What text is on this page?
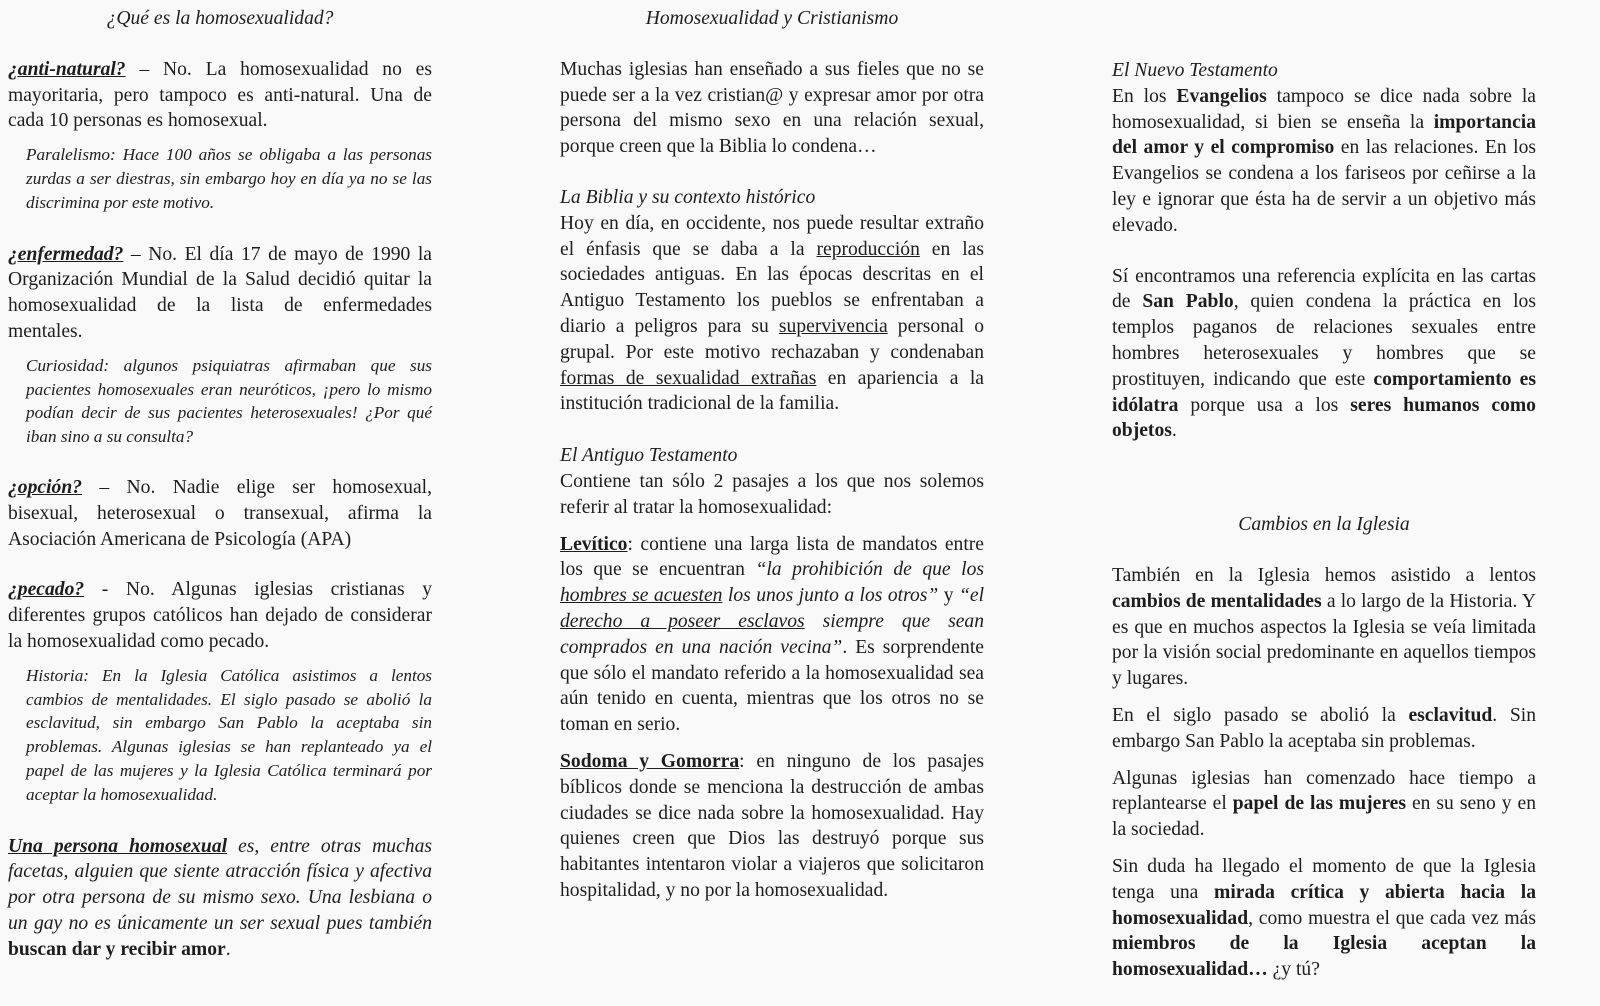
¿Qué es la homosexualidad?

¿anti-natural? – No. La homosexualidad no es mayoritaria, pero tampoco es anti-natural. Una de cada 10 personas es homosexual.

Paralelismo: Hace 100 años se obligaba a las personas zurdas a ser diestras, sin embargo hoy en día ya no se las discrimina por este motivo.

¿enfermedad? – No. El día 17 de mayo de 1990 la Organización Mundial de la Salud decidió quitar la homosexualidad de la lista de enfermedades mentales.

Curiosidad: algunos psiquiatras afirmaban que sus pacientes homosexuales eran neuróticos, ¡pero lo mismo podían decir de sus pacientes heterosexuales! ¿Por qué iban sino a su consulta?

¿opción? – No. Nadie elige ser homosexual, bisexual, heterosexual o transexual, afirma la Asociación Americana de Psicología (APA)

¿pecado? - No. Algunas iglesias cristianas y diferentes grupos católicos han dejado de considerar la homosexualidad como pecado.

Historia: En la Iglesia Católica asistimos a lentos cambios de mentalidades. El siglo pasado se abolió la esclavitud, sin embargo San Pablo la aceptaba sin problemas. Algunas iglesias se han replanteado ya el papel de las mujeres y la Iglesia Católica terminará por aceptar la homosexualidad.

Una persona homosexual es, entre otras muchas facetas, alguien que siente atracción física y afectiva por otra persona de su mismo sexo. Una lesbiana o un gay no es únicamente un ser sexual pues también buscan dar y recibir amor.

Homosexualidad y Cristianismo

Muchas iglesias han enseñado a sus fieles que no se puede ser a la vez cristian@ y expresar amor por otra persona del mismo sexo en una relación sexual, porque creen que la Biblia lo condena…

La Biblia y su contexto histórico

Hoy en día, en occidente, nos puede resultar extraño el énfasis que se daba a la reproducción en las sociedades antiguas. En las épocas descritas en el Antiguo Testamento los pueblos se enfrentaban a diario a peligros para su supervivencia personal o grupal. Por este motivo rechazaban y condenaban formas de sexualidad extrañas en apariencia a la institución tradicional de la familia.

El Antiguo Testamento

Contiene tan sólo 2 pasajes a los que nos solemos referir al tratar la homosexualidad:

Levítico: contiene una larga lista de mandatos entre los que se encuentran “la prohibición de que los hombres se acuesten los unos junto a los otros” y “el derecho a poseer esclavos siempre que sean comprados en una nación vecina”. Es sorprendente que sólo el mandato referido a la homosexualidad sea aún tenido en cuenta, mientras que los otros no se toman en serio.

Sodoma y Gomorra: en ninguno de los pasajes bíblicos donde se menciona la destrucción de ambas ciudades se dice nada sobre la homosexualidad. Hay quienes creen que Dios las destruyó porque sus habitantes intentaron violar a viajeros que solicitaron hospitalidad, y no por la homosexualidad.

El Nuevo Testamento

En los Evangelios tampoco se dice nada sobre la homosexualidad, si bien se enseña la importancia del amor y el compromiso en las relaciones. En los Evangelios se condena a los fariseos por ceñirse a la ley e ignorar que ésta ha de servir a un objetivo más elevado.

Sí encontramos una referencia explícita en las cartas de San Pablo, quien condena la práctica en los templos paganos de relaciones sexuales entre hombres heterosexuales y hombres que se prostituyen, indicando que este comportamiento es idólatra porque usa a los seres humanos como objetos.

Cambios en la Iglesia

También en la Iglesia hemos asistido a lentos cambios de mentalidades a lo largo de la Historia. Y es que en muchos aspectos la Iglesia se veía limitada por la visión social predominante en aquellos tiempos y lugares.

En el siglo pasado se abolió la esclavitud. Sin embargo San Pablo la aceptaba sin problemas.

Algunas iglesias han comenzado hace tiempo a replantearse el papel de las mujeres en su seno y en la sociedad.

Sin duda ha llegado el momento de que la Iglesia tenga una mirada crítica y abierta hacia la homosexualidad, como muestra el que cada vez más miembros de la Iglesia aceptan la homosexualidad… ¿y tú?
